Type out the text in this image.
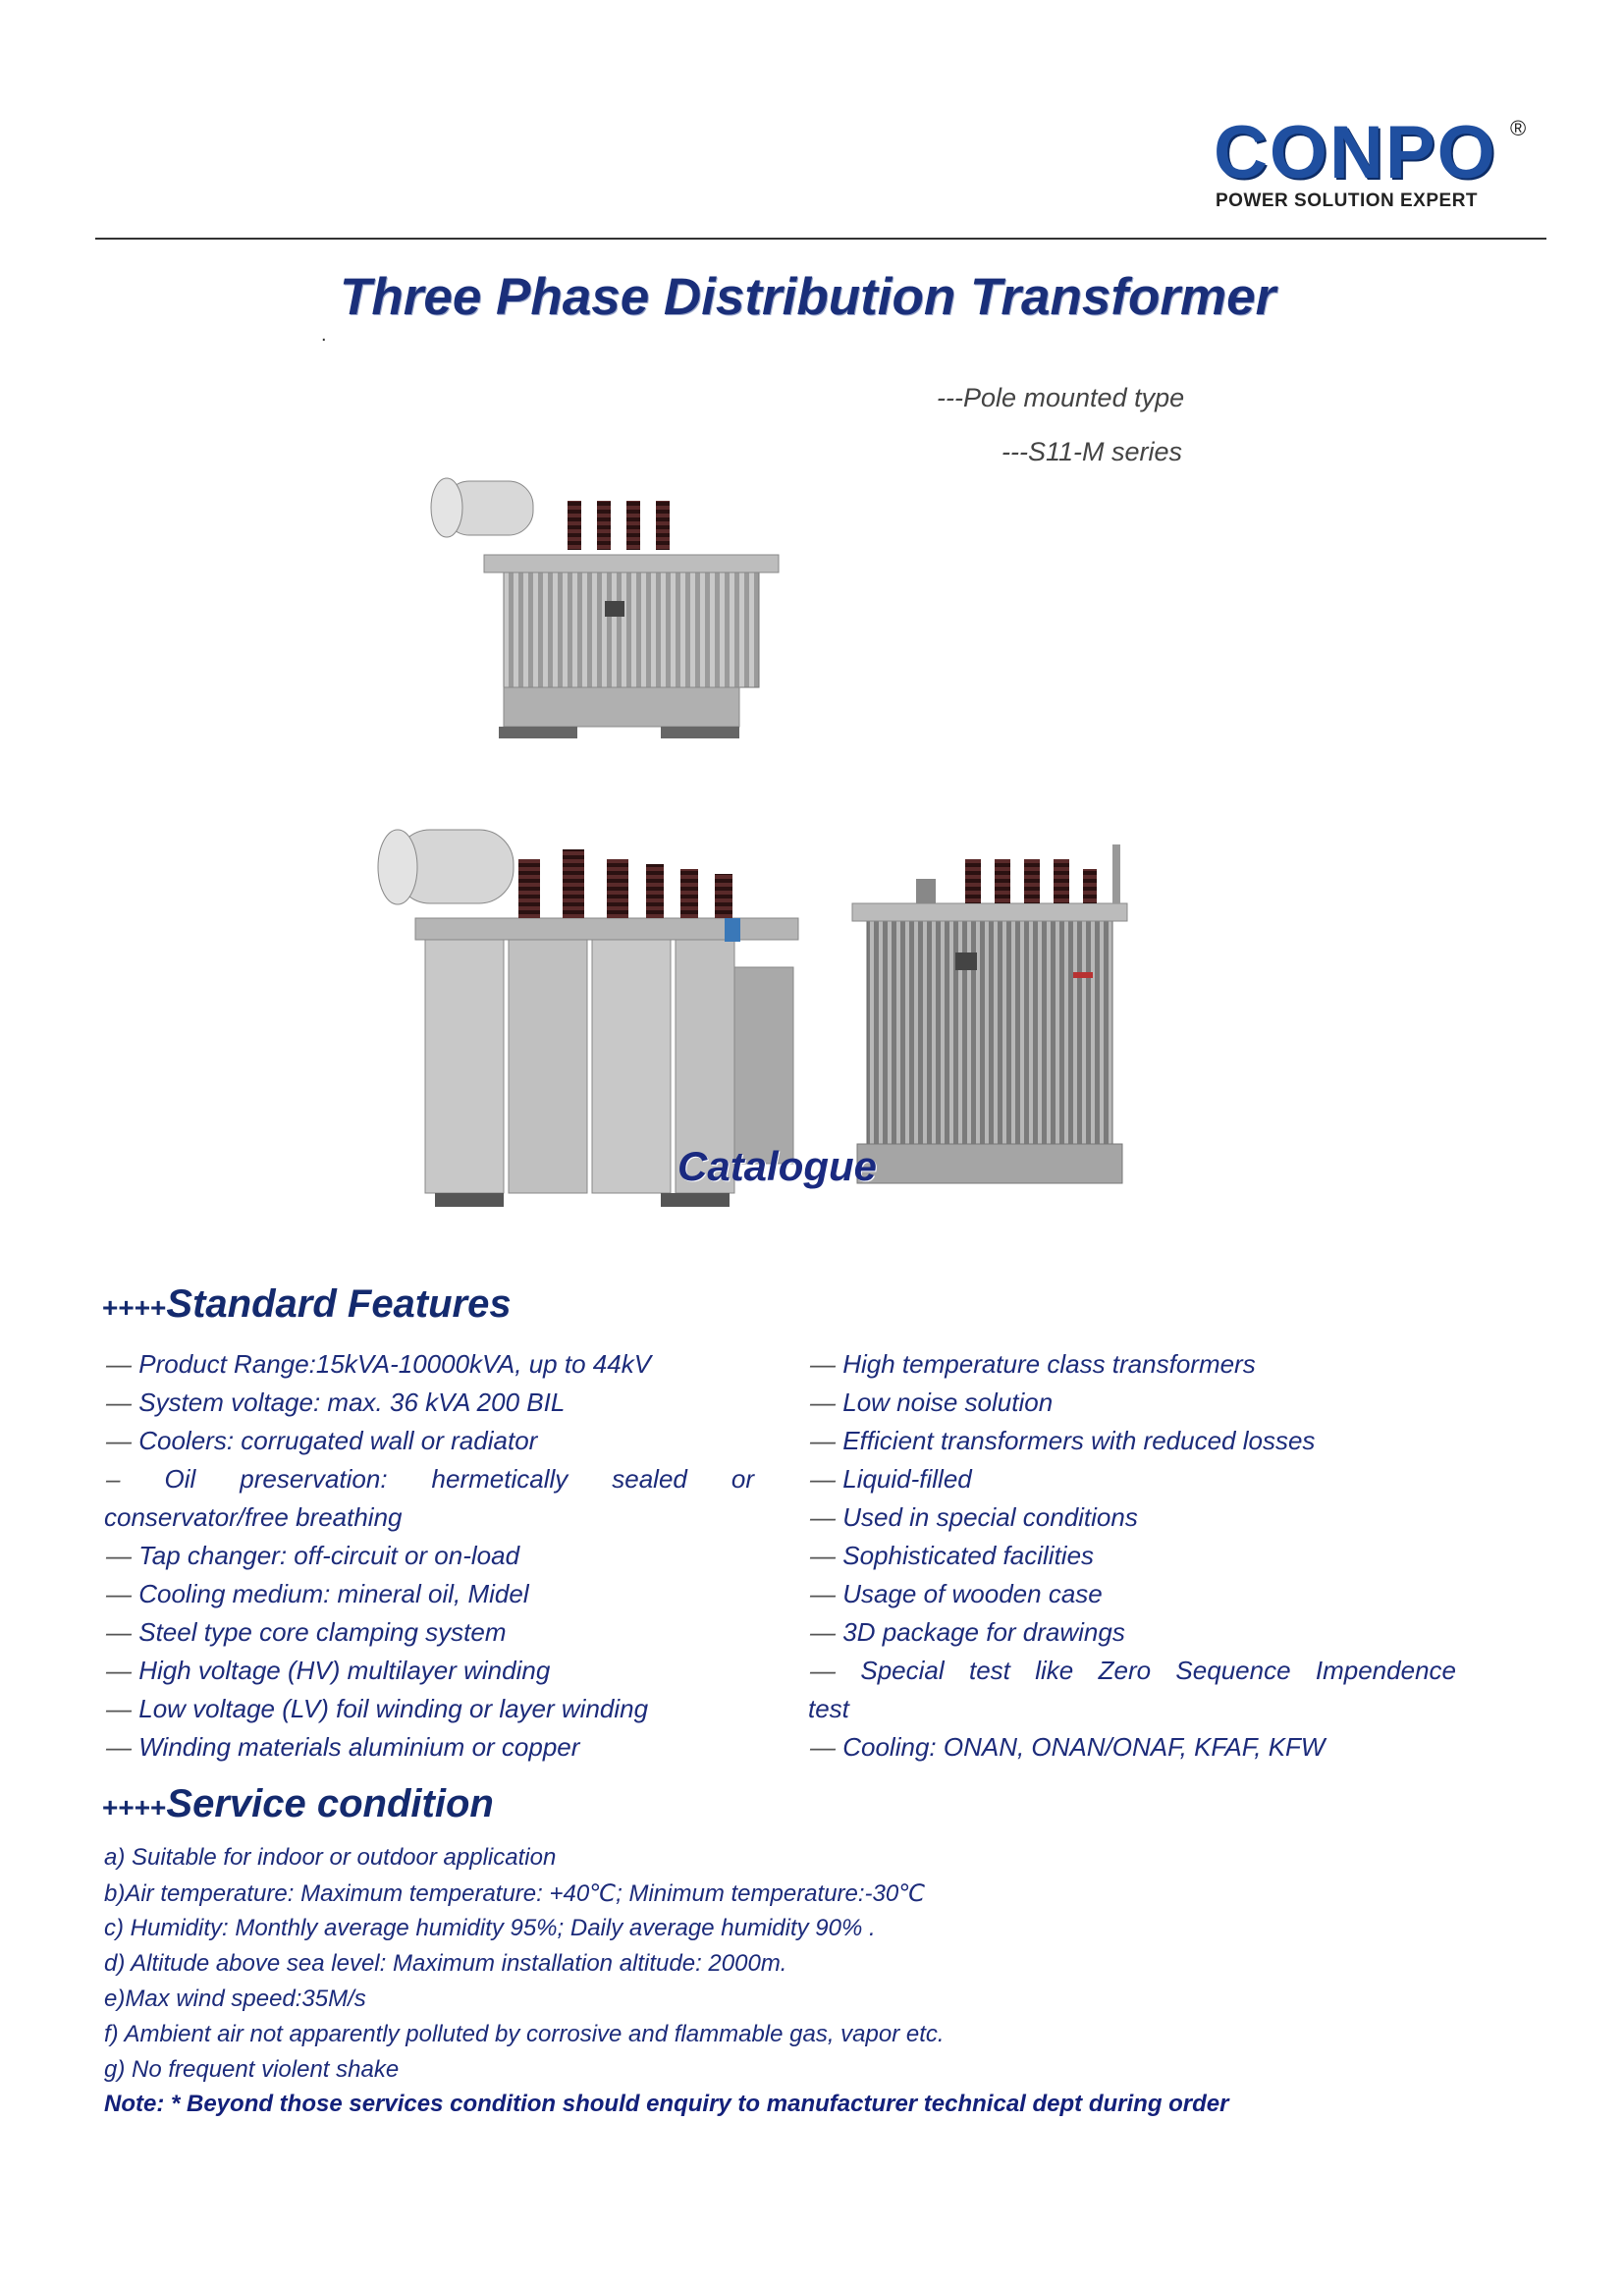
CONPO ®
POWER SOLUTION EXPERT
Three Phase Distribution Transformer
.
---Pole mounted type
---S11-M series
Catalogue
++++Standard Features
— Product Range:15kVA-10000kVA, up to 44kV
— System voltage: max. 36 kVA 200 BIL
— Coolers: corrugated wall or radiator
– Oil preservation: hermetically sealed or
conservator/free breathing
— Tap changer: off-circuit or on-load
— Cooling medium: mineral oil, Midel
— Steel type core clamping system
— High voltage (HV) multilayer winding
— Low voltage (LV) foil winding or layer winding
— Winding materials aluminium or copper
— High temperature class transformers
— Low noise solution
— Efficient transformers with reduced losses
— Liquid-filled
— Used in special conditions
— Sophisticated facilities
— Usage of wooden case
— 3D package for drawings
— Special test like Zero Sequence Impendence
test
— Cooling: ONAN, ONAN/ONAF, KFAF, KFW
++++Service condition
a) Suitable for indoor or outdoor application
b)Air temperature: Maximum temperature: +40℃; Minimum temperature:-30℃
c) Humidity: Monthly average humidity 95%; Daily average humidity 90% .
d) Altitude above sea level: Maximum installation altitude: 2000m.
e)Max wind speed:35M/s
f) Ambient air not apparently polluted by corrosive and flammable gas, vapor etc.
g) No frequent violent shake
Note: * Beyond those services condition should enquiry to manufacturer technical dept during order
